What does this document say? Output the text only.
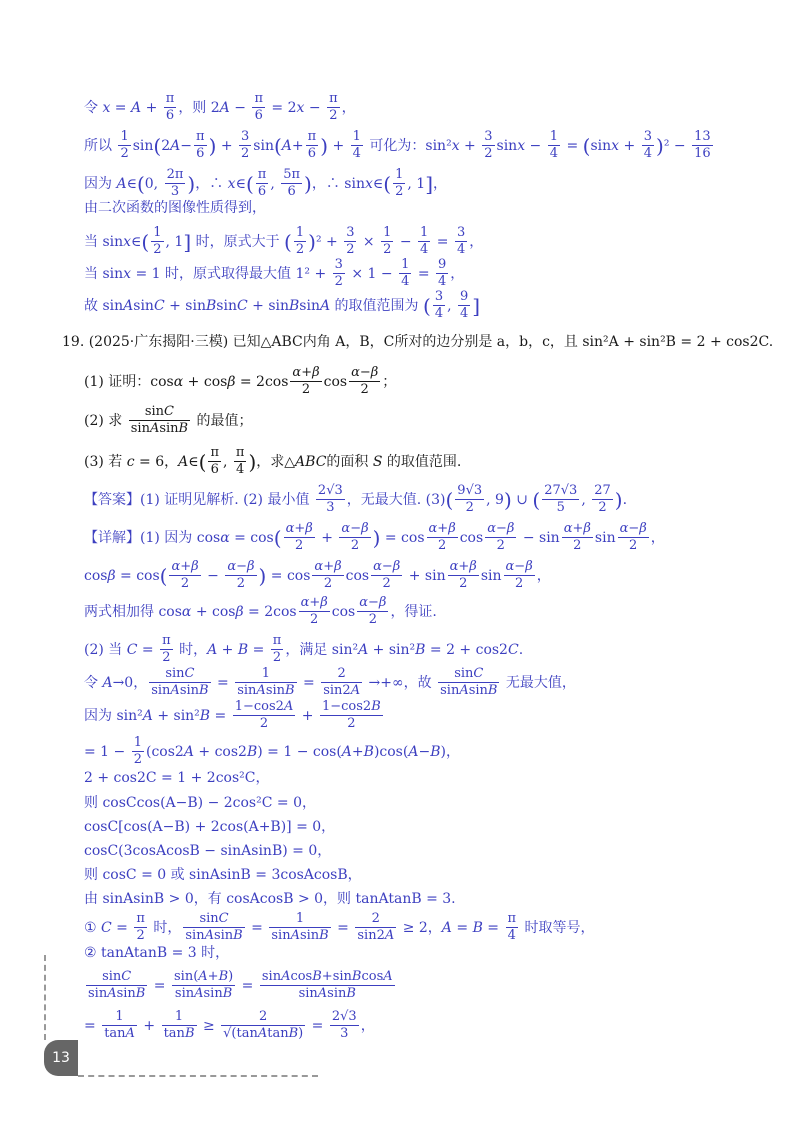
令 $x = A + \frac{\pi}{6}$ ，则 $2A - \frac{\pi}{6} = 2x - \frac{\pi}{2}$ ，
所以 $\frac{1}{2} \sin(2A- \frac{\pi}{6}$ ) + $\frac{3}{2} \sin(A+ \frac{\pi}{6}$ ) + $\frac{1}{4}$ 可化为：$\sin^2x + \frac{3}{2}$ $\sin x - \frac{1}{4} = (\sin x + \frac{3}{4} )^2 - \frac{13}{16}$
因为 A∈(0, $\frac{2\pi}{3}$ )，∴ x∈( $\frac{\pi}{6}$ , $\frac{5\pi}{6}$ )，∴ sinx∈( $\frac{1}{2}$ , 1]，
由二次函数的图像性质得到，
当 sinx∈( $\frac{1}{2}$ , 1] 时，原式大于 ( $\frac{1}{2} )^2 + \frac{3}{2} \times \frac{1}{2} - \frac{1}{4} = \frac{3}{4}$ ，
当 sinx = 1 时，原式取得最大值 $1^2 + \frac{3}{2} \times 1 - \frac{1}{4} = \frac{9}{4}$ ，
故 sinAsinC + sinBsinC + sinBsinA 的取值范围为 ( $\frac{3}{4}$ , $\frac{9}{4}$ ]
19. (2025·广东揭阳·三模) 已知△ABC内角 A，B，C所对的边分别是 a，b，c，且 sin²A + sin²B = 2 + cos2C.
(1) 证明：$\cos\alpha + \cos\beta = 2\cos \frac{\alpha+\beta}{2}$ $\cos \frac{\alpha-\beta}{2}$ ；
(2) 求 $\frac{\sin C}{\text{sinAsinB}}$ 的最值；
(3) 若 c = 6，A∈( $\frac{\pi}{6}$ , $\frac{\pi}{4}$ )，求△ABC的面积 S 的取值范围.
【答案】(1) 证明见解析. (2) 最小值 $\frac{2√3}{3}$ ，无最大值. $(3)( \frac{9√3}{2}$ , 9) ∪ ( $\frac{27√3}{5}$ , $\frac{27}{2}$ ).
【详解】(1) 因为 $\cos\alpha = \cos( \frac{\alpha+\beta}{2} + \frac{\alpha-\beta}{2}$ ) = $\cos \frac{\alpha+\beta}{2}$ $\cos \frac{\alpha-\beta}{2} - \sin \frac{\alpha+\beta}{2}$ $\sin \frac{\alpha-\beta}{2}$ ，
$\cos\beta = \cos( \frac{\alpha+\beta}{2} - \frac{\alpha-\beta}{2}$ ) = $\cos \frac{\alpha+\beta}{2}$ $\cos \frac{\alpha-\beta}{2} + \sin \frac{\alpha+\beta}{2}$ $\sin \frac{\alpha-\beta}{2}$ ，
两式相加得 $\cos\alpha + \cos\beta = 2\cos \frac{\alpha+\beta}{2}$ $\cos \frac{\alpha-\beta}{2}$ ，得证.
(2) 当 $C = \frac{\pi}{2}$ 时，$A + B = \frac{\pi}{2}$ ，满足 sin²A + sin²B = 2 + cos2C.
令 A→0， $\frac{\sin C}{\text{sinAsinB}} = \frac{1}{\text{sinAsinB}} = \frac{2}{\sin 2A}$ →+∞，故 $\frac{\sin C}{\text{sinAsinB}}$ 无最大值，
因为 $\sin^2A + \sin^2B = \frac{1-\cos 2A}{2} + \frac{1-\cos 2B}{2}$
= $1 - \frac{1}{2} (\cos 2A + \cos 2B) = 1 - \cos(A+B)\cos(A-B)$，
2 + cos2C = 1 + 2cos²C，
则 cosCcos(A−B) − 2cos²C = 0，
cosC[cos(A−B) + 2cos(A+B)] = 0，
cosC(3cosAcosB − sinAsinB) = 0，
则 cosC = 0 或 sinAsinB = 3cosAcosB，
由 sinAsinB > 0，有 cosAcosB > 0，则 tanAtanB = 3.
① $C = \frac{\pi}{2}$ 时， $\frac{\sin C}{\text{sinAsinB}} = \frac{1}{\text{sinAsinB}} = \frac{2}{\sin 2A} \ge 2$，$A = B = \frac{\pi}{4}$ 时取等号，
② tanAtanB = 3 时，
$\frac{\sin C}{\text{sinAsinB}} = \frac{\sin(A+B)}{\text{sinAsinB}} = \frac{\text{sinAcosB+sinBcosA}}{\text{sinAsinB}}$
= $\frac{1}{\tan A} + \frac{1}{\tan B} \ge \frac{2}{\text{√(tanAtanB)}} = \frac{2√3}{3}$ ，
13
